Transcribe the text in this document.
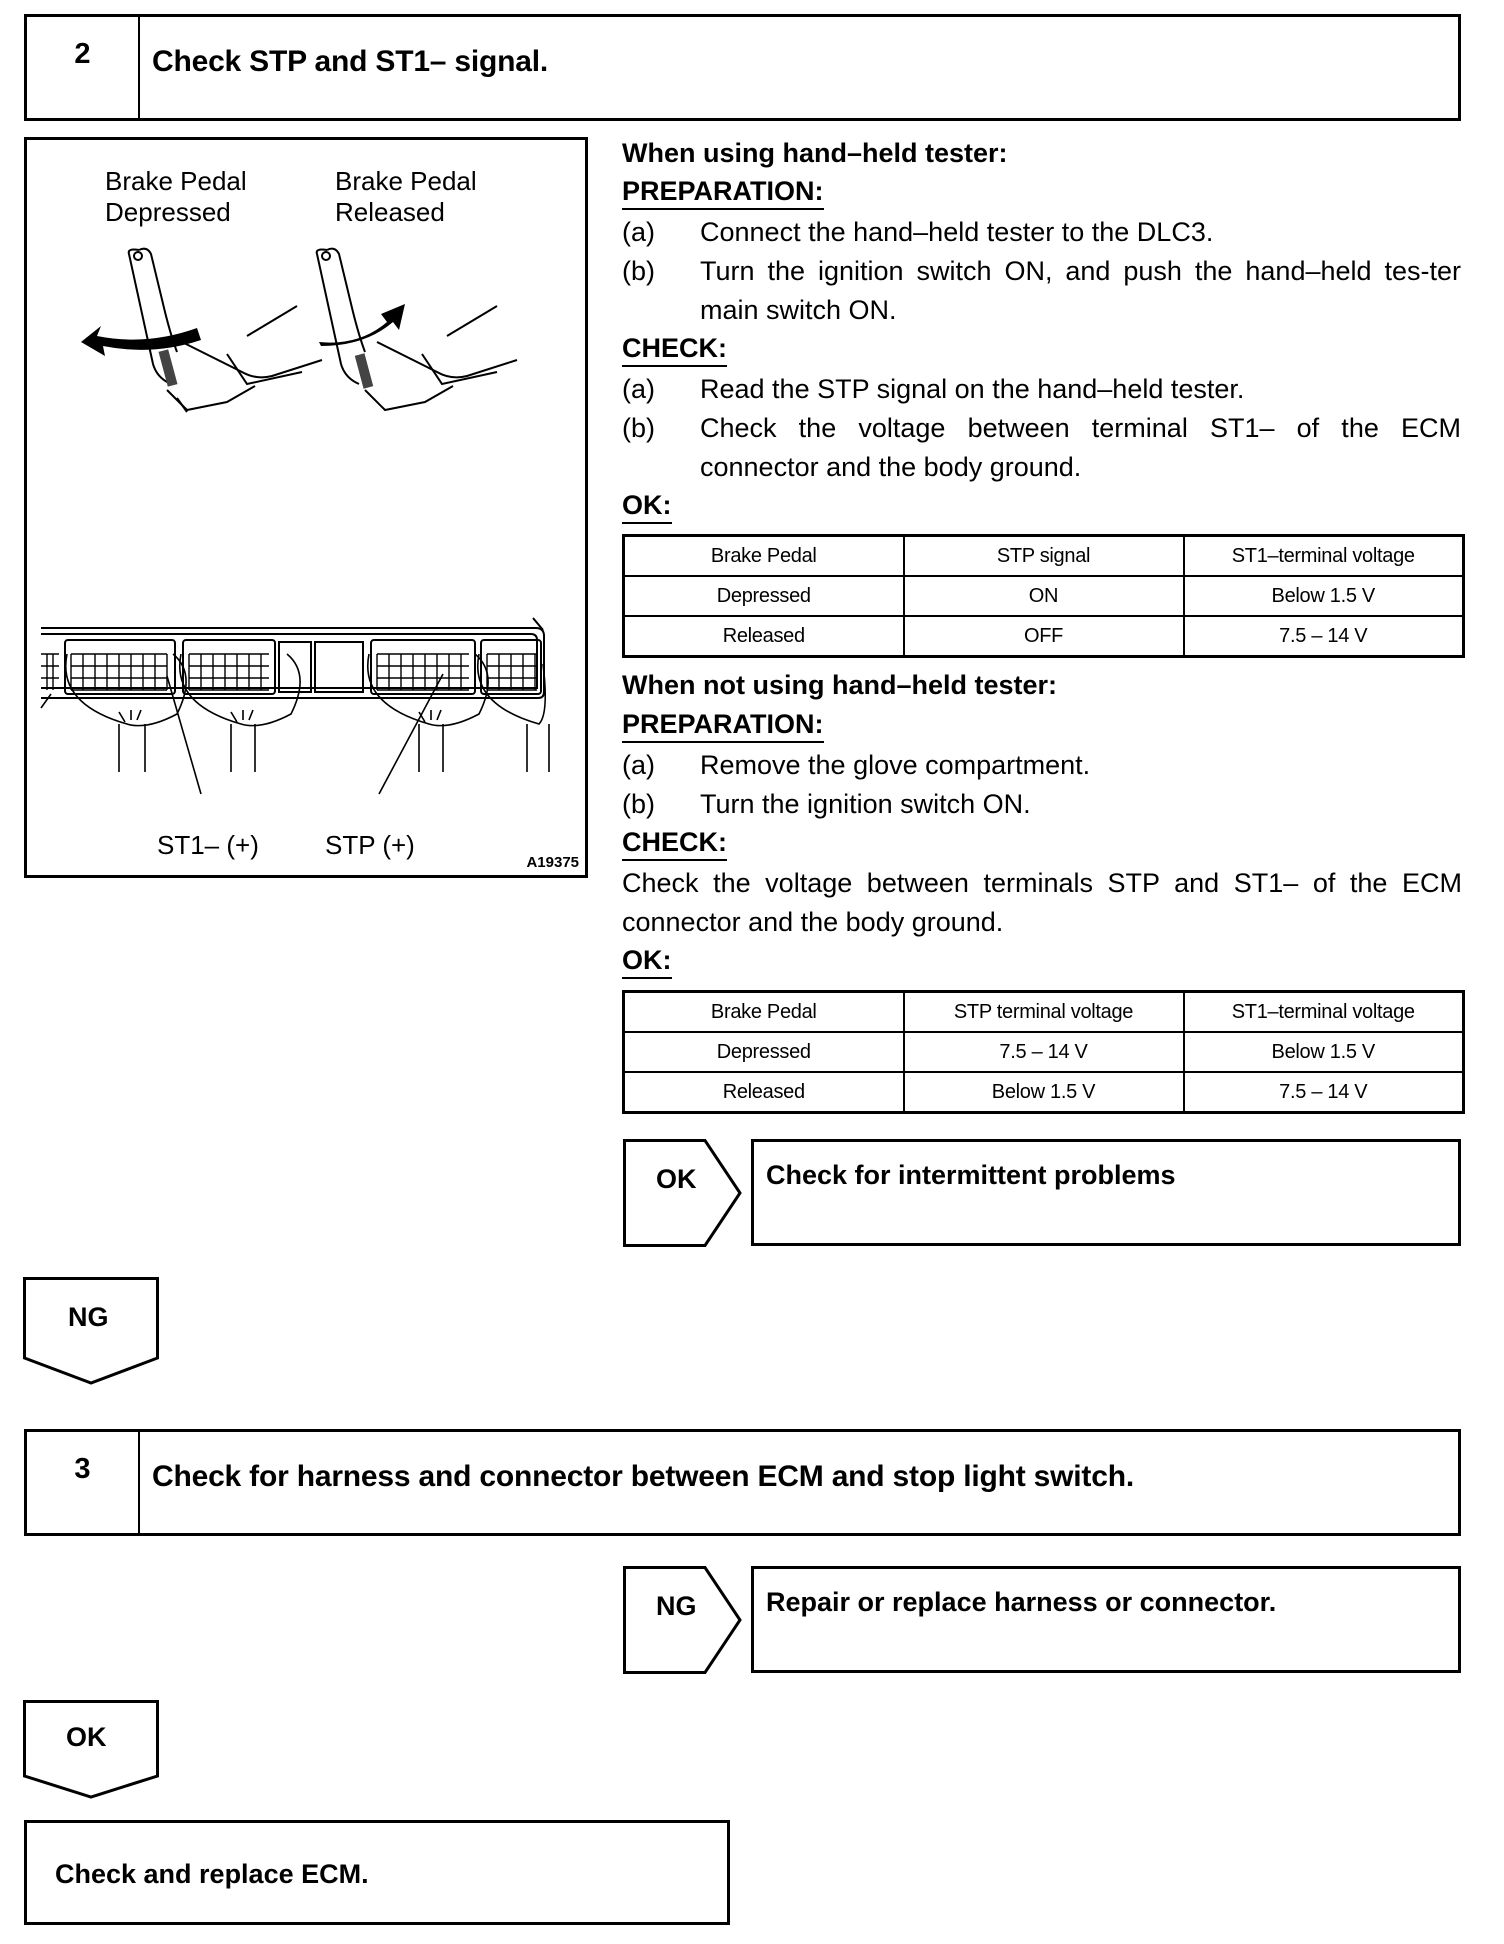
2	Check STP and ST1– signal.
Brake Pedal
Depressed
Brake Pedal
Released
ST1– (+)	STP (+)
A19375
When using hand–held tester:
PREPARATION:
(a) Connect the hand–held tester to the DLC3.
(b) Turn the ignition switch ON, and push the hand–held tes-ter main switch ON.
CHECK:
(a) Read the STP signal on the hand–held tester.
(b) Check the voltage between terminal ST1– of the ECM connector and the body ground.
OK:
Brake Pedal	STP signal	ST1–terminal voltage
Depressed	ON	Below 1.5 V
Released	OFF	7.5 – 14 V
When not using hand–held tester:
PREPARATION:
(a) Remove the glove compartment.
(b) Turn the ignition switch ON.
CHECK:
Check the voltage between terminals STP and ST1– of the ECM connector and the body ground.
OK:
Brake Pedal	STP terminal voltage	ST1–terminal voltage
Depressed	7.5 – 14 V	Below 1.5 V
Released	Below 1.5 V	7.5 – 14 V
OK	Check for intermittent problems
NG
3	Check for harness and connector between ECM and stop light switch.
NG	Repair or replace harness or connector.
OK
Check and replace ECM.
